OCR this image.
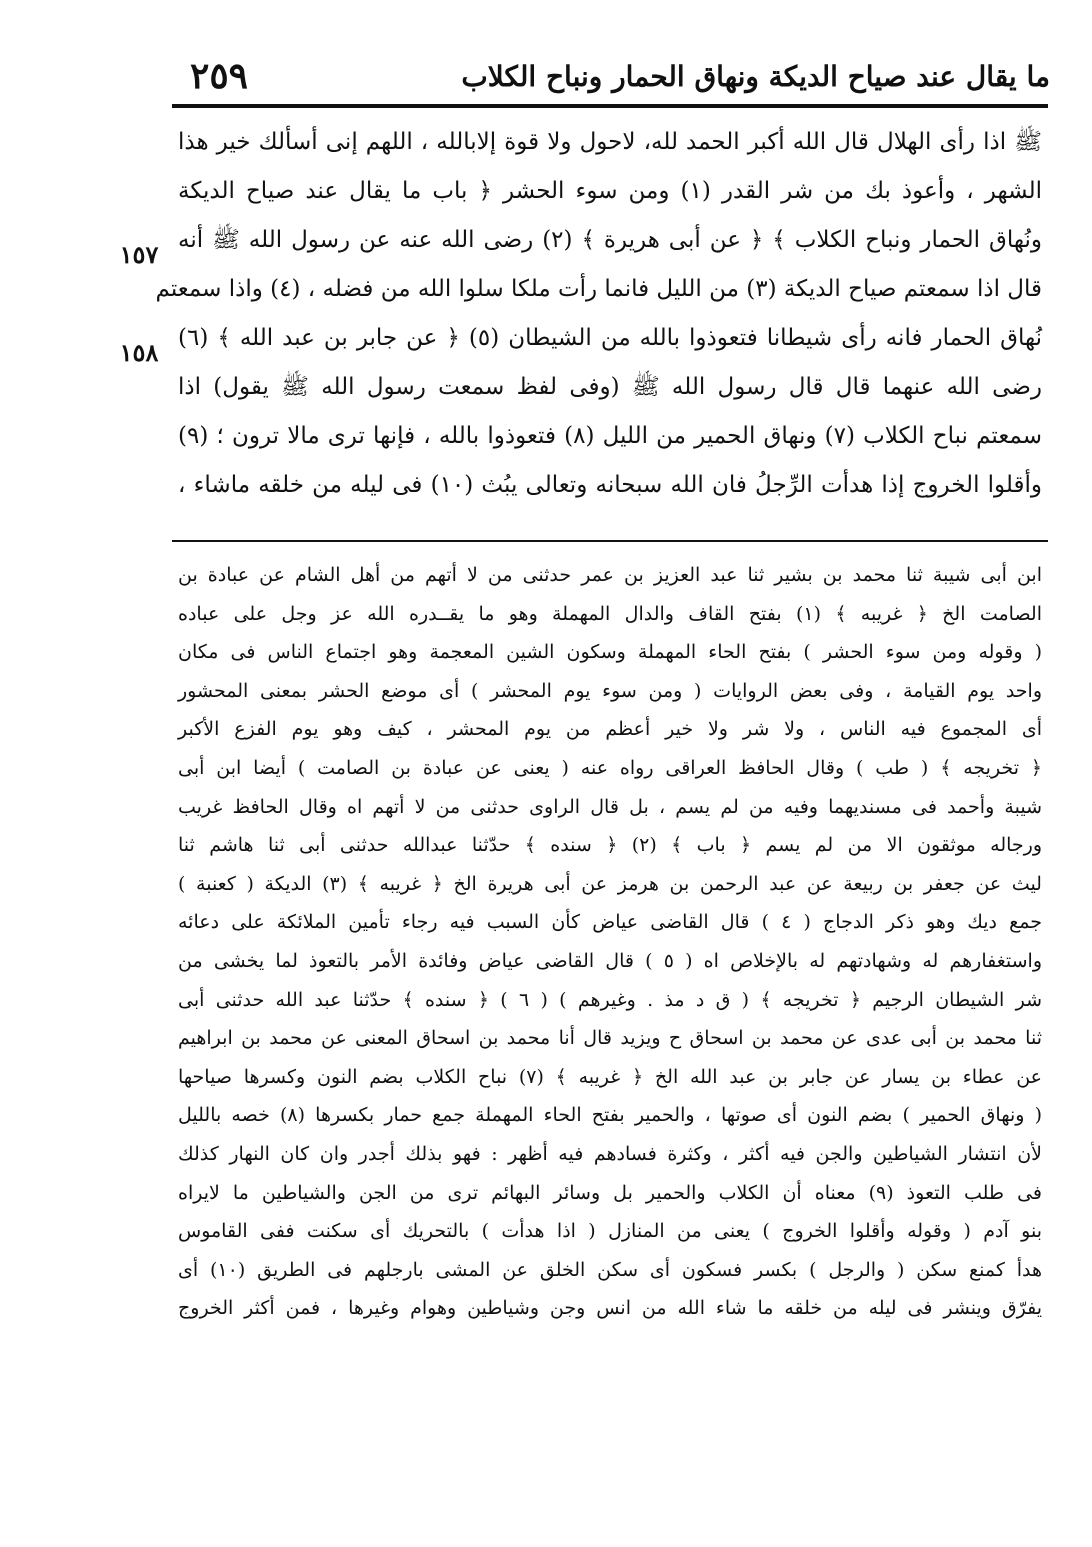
ما يقال عند صياح الديكة ونهاق الحمار ونباح الكلاب
٢٥٩
١٥٧
١٥٨
ﷺ اذا رأى الهلال قال الله أكبر الحمد لله، لاحول ولا قوة إلابالله ، اللهم إنى أسألك خير هذا
الشهر ، وأعوذ بك من شر القدر (١) ومن سوء الحشر ﴿ باب ما يقال عند صياح الديكة
ونُهاق الحمار ونباح الكلاب ﴾ ﴿ عن أبى هريرة ﴾ (٢) رضى الله عنه عن رسول الله ﷺ أنه
قال اذا سمعتم صياح الديكة (٣) من الليل فانما رأت ملكا سلوا الله من فضله ، (٤) واذا سمعتم
نُهاق الحمار فانه رأى شيطانا فتعوذوا بالله من الشيطان (٥) ﴿ عن جابر بن عبد الله ﴾ (٦)
رضى الله عنهما قال قال رسول الله ﷺ (وفى لفظ سمعت رسول الله ﷺ يقول) اذا
سمعتم نباح الكلاب (٧) ونهاق الحمير من الليل (٨) فتعوذوا بالله ، فإنها ترى مالا ترون ؛ (٩)
وأقلوا الخروج إذا هدأت الرِّجلُ فان الله سبحانه وتعالى يبُث (١٠) فى ليله من خلقه ماشاء ،
ابن أبى شيبة ثنا محمد بن بشير ثنا عبد العزيز بن عمر حدثنى من لا أتهم من أهل الشام عن عبادة بن
الصامت الخ ﴿ غريبه ﴾ (١) بفتح القاف والدال المهملة وهو ما يقــدره الله عز وجل على عباده
( وقوله ومن سوء الحشر ) بفتح الحاء المهملة وسكون الشين المعجمة وهو اجتماع الناس فى مكان
واحد يوم القيامة ، وفى بعض الروايات ( ومن سوء يوم المحشر ) أى موضع الحشر بمعنى المحشور
أى المجموع فيه الناس ، ولا شر ولا خير أعظم من يوم المحشر ، كيف وهو يوم الفزع الأكبر
﴿ تخريجه ﴾ ( طب ) وقال الحافظ العراقى رواه عنه ( يعنى عن عبادة بن الصامت ) أيضا ابن أبى
شيبة وأحمد فى مسنديهما وفيه من لم يسم ، بل قال الراوى حدثنى من لا أتهم اه وقال الحافظ غريب
ورجاله موثقون الا من لم يسم ﴿ باب ﴾ (٢) ﴿ سنده ﴾ حدّثنا عبدالله حدثنى أبى ثنا هاشم ثنا
ليث عن جعفر بن ربيعة عن عبد الرحمن بن هرمز عن أبى هريرة الخ ﴿ غريبه ﴾ (٣) الديكة ( كعنبة )
جمع ديك وهو ذكر الدجاج ( ٤ ) قال القاضى عياض كأن السبب فيه رجاء تأمين الملائكة على دعائه
واستغفارهم له وشهادتهم له بالإخلاص اه ( ٥ ) قال القاضى عياض وفائدة الأمر بالتعوذ لما يخشى من
شر الشيطان الرجيم ﴿ تخريجه ﴾ ( ق د مذ . وغيرهم ) ( ٦ ) ﴿ سنده ﴾ حدّثنا عبد الله حدثنى أبى
ثنا محمد بن أبى عدى عن محمد بن اسحاق ح ويزيد قال أنا محمد بن اسحاق المعنى عن محمد بن ابراهيم
عن عطاء بن يسار عن جابر بن عبد الله الخ ﴿ غريبه ﴾ (٧) نباح الكلاب بضم النون وكسرها صياحها
( ونهاق الحمير ) بضم النون أى صوتها ، والحمير بفتح الحاء المهملة جمع حمار بكسرها (٨) خصه بالليل
لأن انتشار الشياطين والجن فيه أكثر ، وكثرة فسادهم فيه أظهر : فهو بذلك أجدر وان كان النهار كذلك
فى طلب التعوذ (٩) معناه أن الكلاب والحمير بل وسائر البهائم ترى من الجن والشياطين ما لايراه
بنو آدم ( وقوله وأقلوا الخروج ) يعنى من المنازل ( اذا هدأت ) بالتحريك أى سكنت ففى القاموس
هدأ كمنع سكن ( والرجل ) بكسر فسكون أى سكن الخلق عن المشى بارجلهم فى الطريق (١٠) أى
يفرّق وينشر فى ليله من خلقه ما شاء الله من انس وجن وشياطين وهوام وغيرها ، فمن أكثر الخروج
